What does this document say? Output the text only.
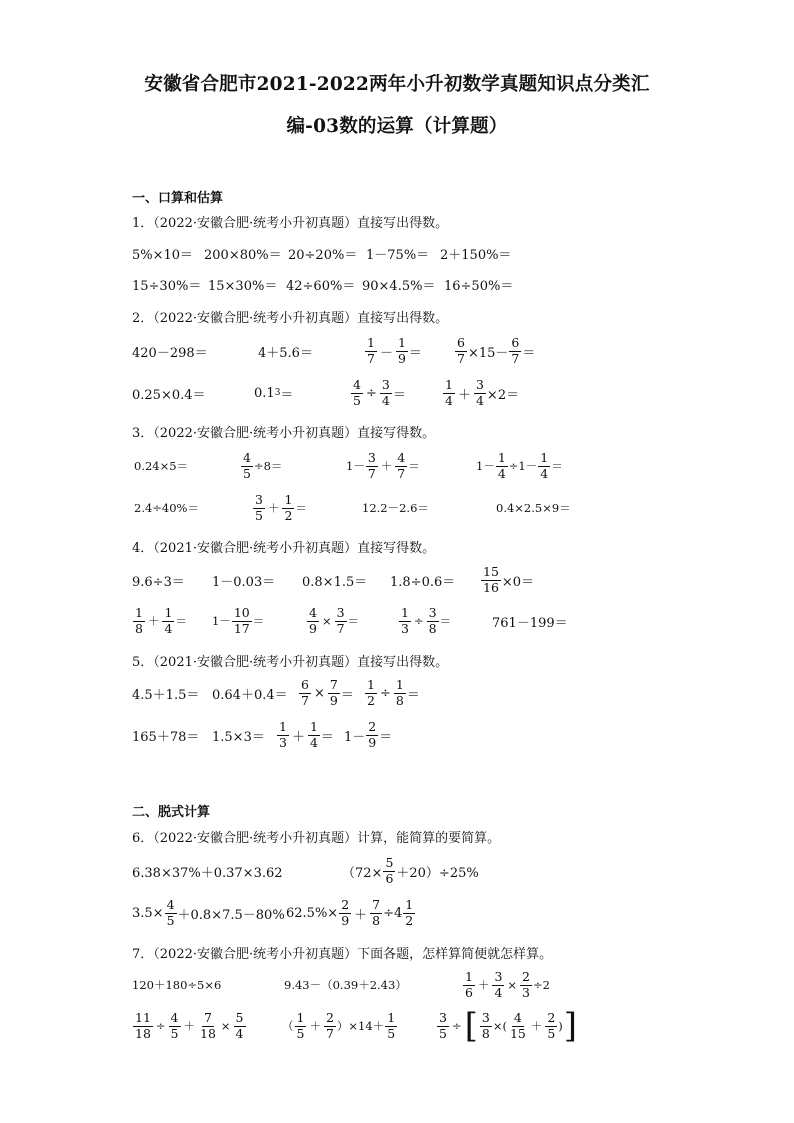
安徽省合肥市2021-2022两年小升初数学真题知识点分类汇
编-03数的运算（计算题）
一、口算和估算
1．（2022·安徽合肥·统考小升初真题）直接写出得数。
5%×10＝ 200×80%＝ 20÷20%＝ 1－75%＝ 2＋150%＝
15÷30%＝ 15×30%＝ 42÷60%＝ 90×4.5%＝ 16÷50%＝
2．（2022·安徽合肥·统考小升初真题）直接写出得数。
420－298＝	4＋5.6＝	$\frac{1}{7} - \frac{1}{9}$ ＝	$\frac{6}{7} \times 15- \frac{6}{7}$ ＝
0.25×0.4＝	0.1 3 ＝	$\frac{4}{5} \div \frac{3}{4}$ ＝	$\frac{1}{4} + \frac{3}{4} \times 2=$
3．（2022·安徽合肥·统考小升初真题）直接写得数。
0.24×5＝	$\frac{4}{5} \div 8=$	$1- \frac{3}{7} + \frac{4}{7}$ ＝	$1- \frac{1}{4} \div 1- \frac{1}{4}$ ＝
2.4÷40%＝	$\frac{3}{5} + \frac{1}{2}$ ＝	12.2－2.6＝	0.4×2.5×9＝
4．（2021·安徽合肥·统考小升初真题）直接写得数。
$9.6\div 3= 1-0.03= 0.8\times 1.5= 1.8\div 0.6= \frac{15}{16} \times 0=$
$\frac{1}{8} + \frac{1}{4} = 1- \frac{10}{17}$ ＝	$\frac{4}{9} \times \frac{3}{7}$ ＝	$\frac{1}{3} \div \frac{3}{8}$ ＝	761－199＝
5．（2021·安徽合肥·统考小升初真题）直接写出得数。
$4.5+1.5= 0.64+0.4= \frac{6}{7} \times \frac{7}{9} = \frac{1}{2} \div \frac{1}{8}$ ＝
$165+78= 1.5\times 3= \frac{1}{3} + \frac{1}{4} = 1- \frac{2}{9}$ ＝
二、脱式计算
6．（2022·安徽合肥·统考小升初真题）计算，能简算的要简算。
6.38×37%＋0.37×3.62	$(72\times \frac{5}{6} +20)\div 25\%$
$3.5\times \frac{4}{5} +0.8\times 7.5-80\%$ $62.5\%\times \frac{2}{9} + \frac{7}{8} \div 4 \frac{1}{2}$
7．（2022·安徽合肥·统考小升初真题）下面各题，怎样算简便就怎样算。
120＋180÷5×6	9.43－（0.39＋2.43）	$\frac{1}{6} + \frac{3}{4} \times \frac{2}{3} \div 2$
$\frac{11}{18} \div \frac{4}{5} + \frac{7}{18} \times \frac{5}{4}$	（ $\frac{1}{5} + \frac{2}{7} )\times 14+ \frac{1}{5}$	$\frac{3}{5}$ ÷ [ $\frac{3}{8}$ ×( $\frac{4}{15} + \frac{2}{5}$ ) ]
